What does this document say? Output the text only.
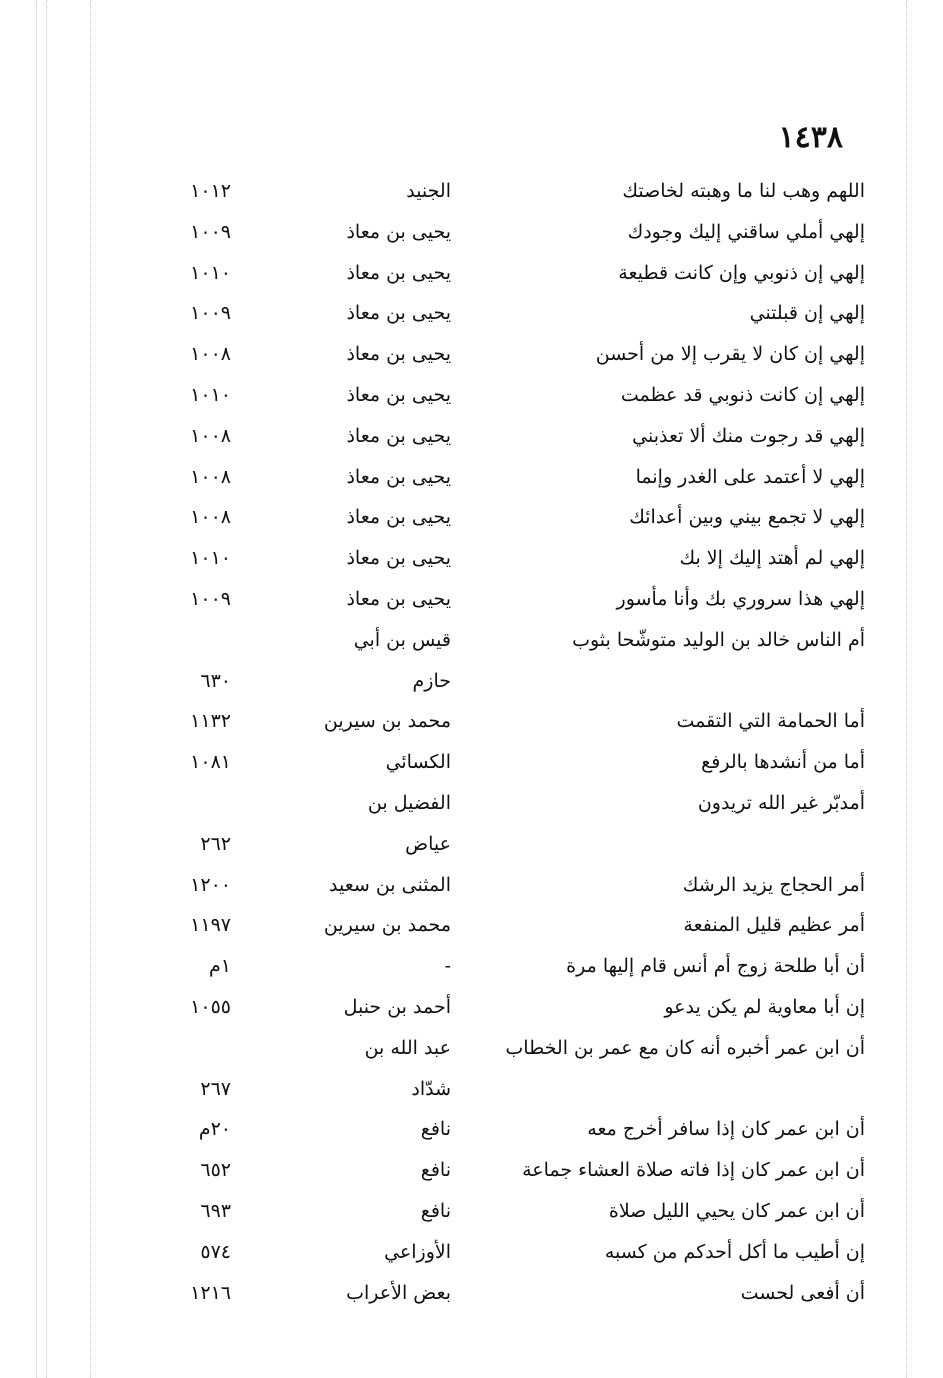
١٤٣٨
اللهم وهب لنا ما وهبته لخاصتك
الجنيد
١٠١٢
إلهي أملي ساقني إليك وجودك
يحيى بن معاذ
١٠٠٩
إلهي إن ذنوبي وإن كانت قطيعة
يحيى بن معاذ
١٠١٠
إلهي إن قبلتني
يحيى بن معاذ
١٠٠٩
إلهي إن كان لا يقرب إلا من أحسن
يحيى بن معاذ
١٠٠٨
إلهي إن كانت ذنوبي قد عظمت
يحيى بن معاذ
١٠١٠
إلهي قد رجوت منك ألا تعذبني
يحيى بن معاذ
١٠٠٨
إلهي لا أعتمد على الغدر وإنما
يحيى بن معاذ
١٠٠٨
إلهي لا تجمع بيني وبين أعدائك
يحيى بن معاذ
١٠٠٨
إلهي لم أهتد إليك إلا بك
يحيى بن معاذ
١٠١٠
إلهي هذا سروري بك وأنا مأسور
يحيى بن معاذ
١٠٠٩
أم الناس خالد بن الوليد متوشّحا بثوب
قيس بن أبي
حازم
٦٣٠
أما الحمامة التي التقمت
محمد بن سيرين
١١٣٢
أما من أنشدها بالرفع
الكسائي
١٠٨١
أمدبّر غير الله تريدون
الفضيل بن
عياض
٢٦٢
أمر الحجاج يزيد الرشك
المثنى بن سعيد
١٢٠٠
أمر عظيم قليل المنفعة
محمد بن سيرين
١١٩٧
أن أبا طلحة زوج أم أنس قام إليها مرة
-
١م
إن أبا معاوية لم يكن يدعو
أحمد بن حنبل
١٠٥٥
أن ابن عمر أخبره أنه كان مع عمر بن الخطاب
عبد الله بن
شدّاد
٢٦٧
أن ابن عمر كان إذا سافر أخرج معه
نافع
٢٠م
أن ابن عمر كان إذا فاته صلاة العشاء جماعة
نافع
٦٥٢
أن ابن عمر كان يحيي الليل صلاة
نافع
٦٩٣
إن أطيب ما أكل أحدكم من كسبه
الأوزاعي
٥٧٤
أن أفعى لحست
بعض الأعراب
١٢١٦
